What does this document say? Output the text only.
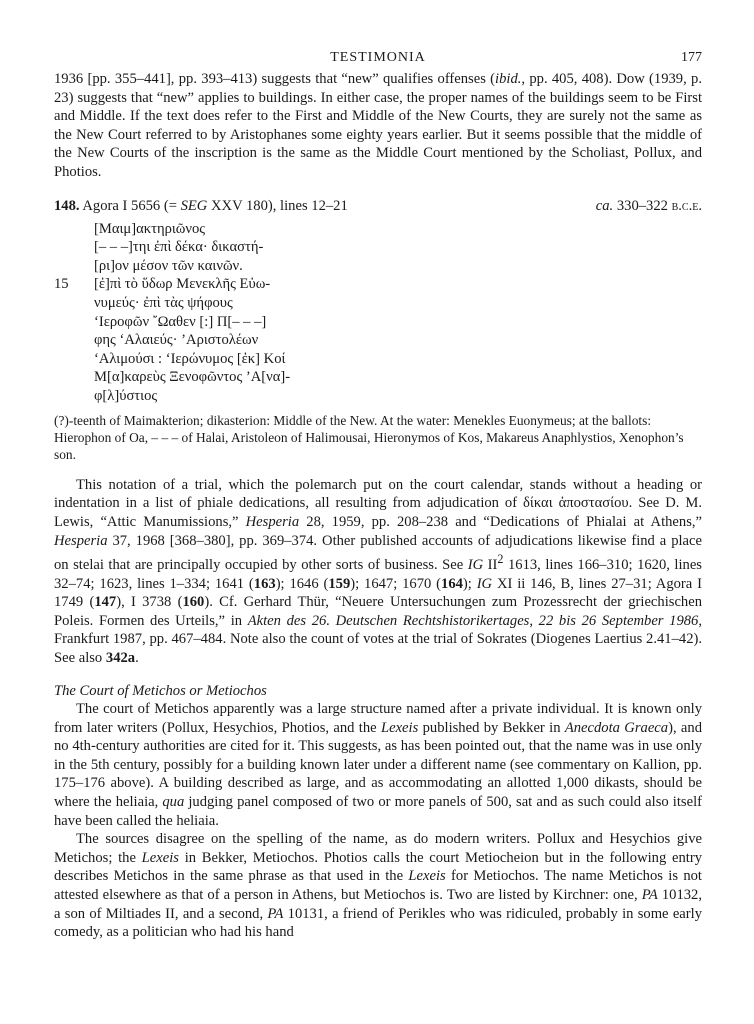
TESTIMONIA	177

1936 [pp. 355–441], pp. 393–413) suggests that “new” qualifies offenses (ibid., pp. 405, 408). Dow (1939, p. 23) suggests that “new” applies to buildings. In either case, the proper names of the buildings seem to be First and Middle. If the text does refer to the First and Middle of the New Courts, they are surely not the same as the New Court referred to by Aristophanes some eighty years earlier. But it seems possible that the middle of the New Courts of the inscription is the same as the Middle Court mentioned by the Scholiast, Pollux, and Photios.

148. Agora I 5656 (= SEG XXV 180), lines 12–21	ca. 330–322 b.c.e.
[Μαιμ]ακτηριῶνος
[– – –]τηι ἐπὶ δέκα· δικαστή-
[ρι]ον μέσον τῶν καινῶν.
15 [ἐ]πὶ τὸ ὕδωρ Μενεκλῆς Εὐω-
νυμεύς· ἐπὶ τὰς ψήφους
‘Ιεροφῶν ῎Ωαθεν [:] Π[– – –]
φης ‘Αλαιεύς· ’Αριστολέων
‘Αλιμούσι : ‘Ιερώνυμος [ἐκ] Κοί
Μ[α]καρεὺς Ξενοφῶντος ’Α[να]-
φ[λ]ύστιος

(?)-teenth of Maimakterion; dikasterion: Middle of the New. At the water: Menekles Euonymeus; at the ballots: Hierophon of Oa, – – – of Halai, Aristoleon of Halimousai, Hieronymos of Kos, Makareus Anaphlystios, Xenophon’s son.

This notation of a trial, which the polemarch put on the court calendar, stands without a heading or indentation in a list of phiale dedications, all resulting from adjudication of δίκαι ἀποστασίου. See D. M. Lewis, “Attic Manumissions,” Hesperia 28, 1959, pp. 208–238 and “Dedications of Phialai at Athens,” Hesperia 37, 1968 [368–380], pp. 369–374. Other published accounts of adjudications likewise find a place on stelai that are principally occupied by other sorts of business. See IG $II^2$ 1613, lines 166–310; 1620, lines 32–74; 1623, lines 1–334; 1641 (163); 1646 (159); 1647; 1670 (164); IG XI ii 146, B, lines 27–31; Agora I 1749 (147), I 3738 (160). Cf. Gerhard Thür, “Neuere Untersuchungen zum Prozessrecht der griechischen Poleis. Formen des Urteils,” in Akten des 26. Deutschen Rechtshistorikertages, 22 bis 26 September 1986, Frankfurt 1987, pp. 467–484. Note also the count of votes at the trial of Sokrates (Diogenes Laertius 2.41–42). See also 342a.

The Court of Metichos or Metiochos

The court of Metichos apparently was a large structure named after a private individual. It is known only from later writers (Pollux, Hesychios, Photios, and the Lexeis published by Bekker in Anecdota Graeca), and no 4th-century authorities are cited for it. This suggests, as has been pointed out, that the name was in use only in the 5th century, possibly for a building known later under a different name (see commentary on Kallion, pp. 175–176 above). A building described as large, and as accommodating an allotted 1,000 dikasts, should be where the heliaia, qua judging panel composed of two or more panels of 500, sat and as such could also itself have been called the heliaia.

The sources disagree on the spelling of the name, as do modern writers. Pollux and Hesychios give Metichos; the Lexeis in Bekker, Metiochos. Photios calls the court Metiocheion but in the following entry describes Metichos in the same phrase as that used in the Lexeis for Metiochos. The name Metichos is not attested elsewhere as that of a person in Athens, but Metiochos is. Two are listed by Kirchner: one, PA 10132, a son of Miltiades II, and a second, PA 10131, a friend of Perikles who was ridiculed, probably in some early comedy, as a politician who had his hand
